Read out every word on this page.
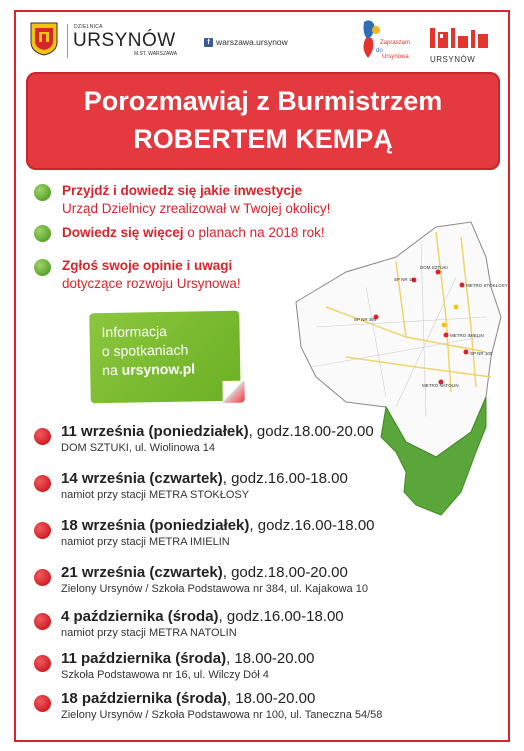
DZIELNICA
URSYNÓW
M.ST. WARSZAWA
f warszawa.ursynow	Zapraszam
do
Ursynowa	URSYNÓW
Porozmawiaj z Burmistrzem
ROBERTEM KEMPĄ
Przyjdź i dowiedz się jakie inwestycje
Urząd Dzielnicy zrealizował w Twojej okolicy!
Dowiedz się więcej o planach na 2018 rok!
Zgłoś swoje opinie i uwagi
dotyczące rozwoju Ursynowa!
Informacja
o spotkaniach
na ursynow.pl
DOM SZTUKI
SP NR 16
METRO STOKŁOSY
SP NR 384
METRO IMIELIN
SP NR 100
METRO NATOLIN
11 września (poniedziałek), godz.18.00-20.00
DOM SZTUKI, ul. Wiolinowa 14
14 września (czwartek), godz.16.00-18.00
namiot przy stacji METRA STOKŁOSY
18 września (poniedziałek), godz.16.00-18.00
namiot przy stacji METRA IMIELIN
21 września (czwartek), godz.18.00-20.00
Zielony Ursynów / Szkoła Podstawowa nr 384, ul. Kajakowa 10
4 października (środa), godz.16.00-18.00
namiot przy stacji METRA NATOLIN
11 października (środa), 18.00-20.00
Szkoła Podstawowa nr 16, ul. Wilczy Dół 4
18 października (środa), 18.00-20.00
Zielony Ursynów / Szkoła Podstawowa nr 100, ul. Taneczna 54/58
